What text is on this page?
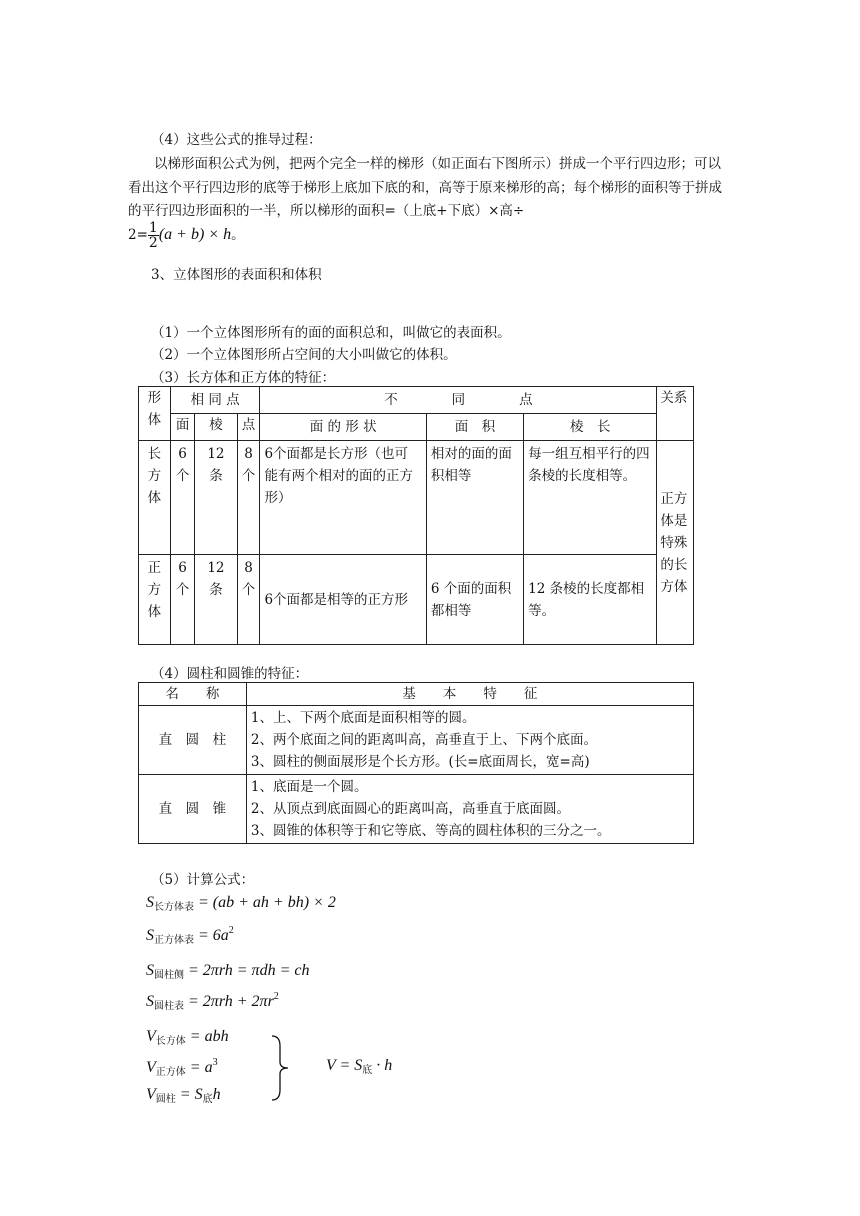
（4）这些公式的推导过程：
以梯形面积公式为例，把两个完全一样的梯形（如正面右下图所示）拼成一个平行四边形；可以看出这个平行四边形的底等于梯形上底加下底的和，高等于原来梯形的高；每个梯形的面积等于拼成的平行四边形面积的一半，所以梯形的面积=（上底+下底）×高÷
$2= \frac{1}{2} (a + b) \times h$。
3、立体图形的表面积和体积
（1）一个立体图形所有的面的面积总和，叫做它的表面积。
（2）一个立体图形所占空间的大小叫做它的体积。
（3）长方体和正方体的特征：
形体	相 同 点			不　　　　同　　　　点			关系
	面	棱	点	面 的 形 状	面　积	棱　长	
长方体	6个	12条	8个	6个面都是长方形（也可
能有两个相对的面的正方
形）	相对的面的面积相等	每一组互相平行的四条棱的长度相等。	正方体是特殊的长方体
正方体	6个	12条	8个	6个面都是相等的正方形	6 个面的面积都相等	12 条棱的长度都相等。	
（4）圆柱和圆锥的特征：
名　　称	基　　本　　特　　征
直　圆　柱	1、上、下两个底面是面积相等的圆。
2、两个底面之间的距离叫高，高垂直于上、下两个底面。
3、圆柱的侧面展形是个长方形。(长=底面周长，宽=高)

直　圆　锥	1、底面是一个圆。
2、从顶点到底面圆心的距离叫高，高垂直于底面圆。
3、圆锥的体积等于和它等底、等高的圆柱体积的三分之一。
（5）计算公式：
$S_{长方体表} = (ab$ + ah + bh) × 2
$S_{正方体表} = 6a^2$
$S_{圆柱侧} = 2\pi rh = \pi dh$ = ch
$S_{圆柱表} = 2\pi rh + 2\pi r^2$
$V_{长方体}$ = abh
$V_{正方体} = a^3$
$V_{圆柱} = S_底h$
$V = S_底 \cdot h$
